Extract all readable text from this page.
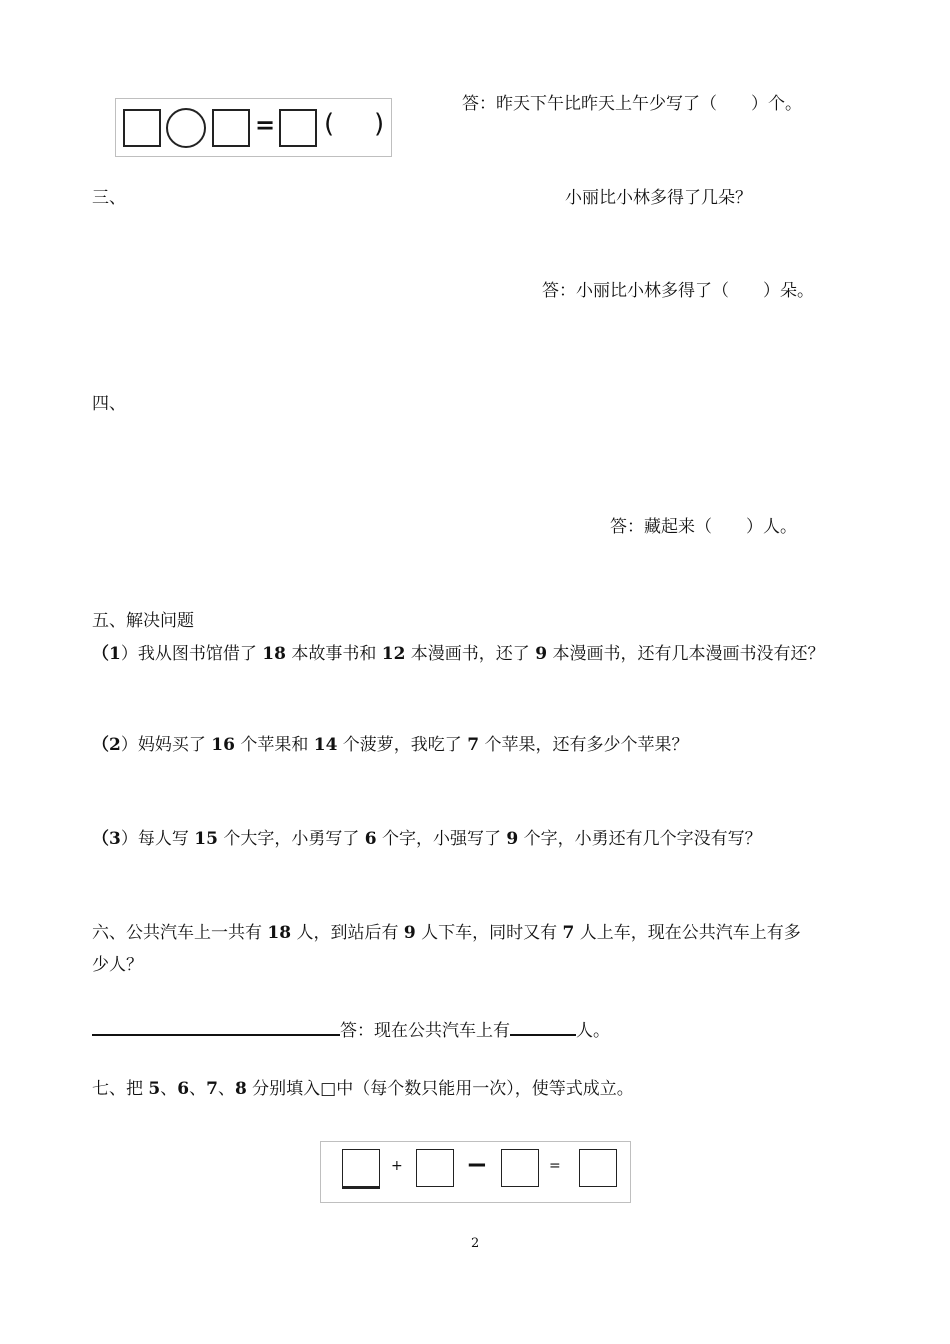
= ( )
答：昨天下午比昨天上午少写了（　　）个。
三、	小丽比小林多得了几朵？
答：小丽比小林多得了（　　）朵。
四、
答：藏起来（　　）人。
五、解决问题
（1）我从图书馆借了 18 本故事书和 12 本漫画书，还了 9 本漫画书，还有几本漫画书没有还？
（2）妈妈买了 16 个苹果和 14 个菠萝，我吃了 7 个苹果，还有多少个苹果？
（3）每人写 15 个大字，小勇写了 6 个字，小强写了 9 个字，小勇还有几个字没有写？
六、公共汽车上一共有 18 人，到站后有 9 人下车，同时又有 7 人上车，现在公共汽车上有多
少人？
答：现在公共汽车上有	人。
七、把 5、6、7、8 分别填入□中（每个数只能用一次），使等式成立。
+ −	=
2
